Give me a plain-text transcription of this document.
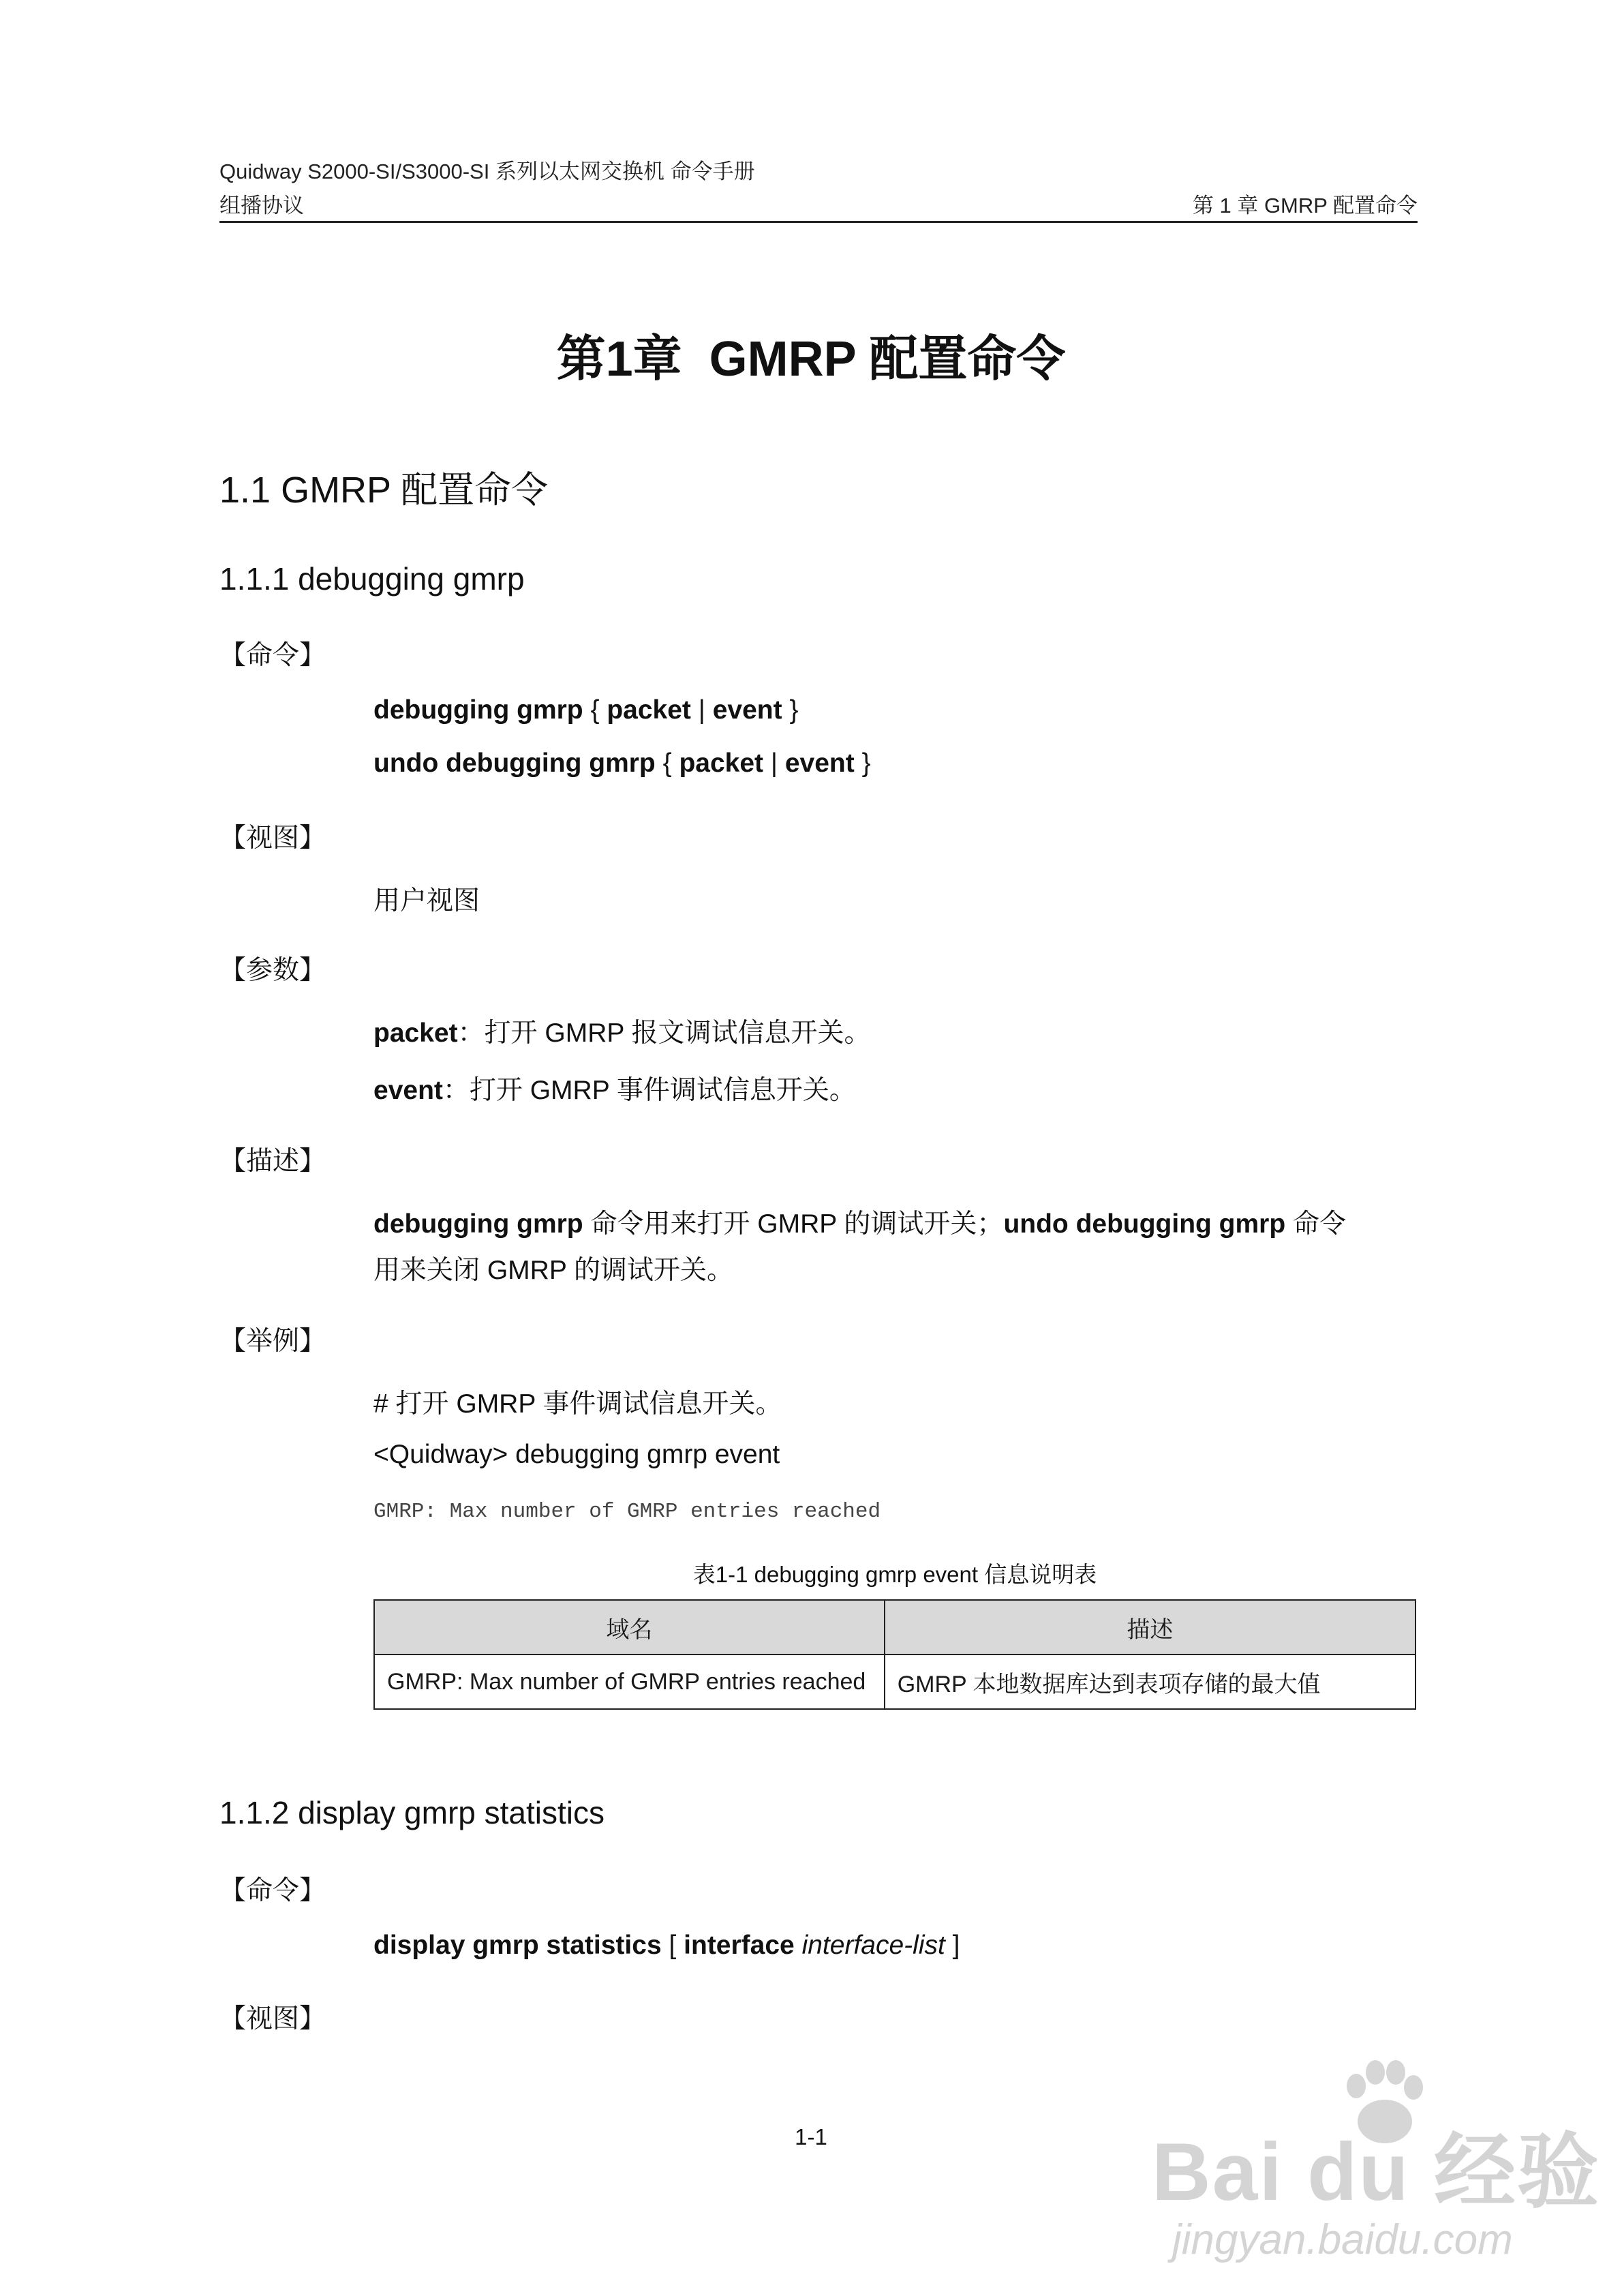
Quidway S2000-SI/S3000-SI 系列以太网交换机 命令手册
组播协议	第 1 章 GMRP 配置命令
第1章 GMRP 配置命令
1.1 GMRP 配置命令
1.1.1 debugging gmrp
【命令】
debugging gmrp { packet | event }
undo debugging gmrp { packet | event }
【视图】
用户视图
【参数】
packet：打开 GMRP 报文调试信息开关。
event：打开 GMRP 事件调试信息开关。
【描述】
debugging gmrp 命令用来打开 GMRP 的调试开关；undo debugging gmrp 命令
用来关闭 GMRP 的调试开关。
【举例】
# 打开 GMRP 事件调试信息开关。
<Quidway> debugging gmrp event
GMRP: Max number of GMRP entries reached
表1-1 debugging gmrp event 信息说明表
域名	描述
GMRP: Max number of GMRP entries reached	GMRP 本地数据库达到表项存储的最大值
1.1.2 display gmrp statistics
【命令】
display gmrp statistics [ interface interface-list ]
【视图】
1-1	Bai du 经验
jingyan.baidu.com
